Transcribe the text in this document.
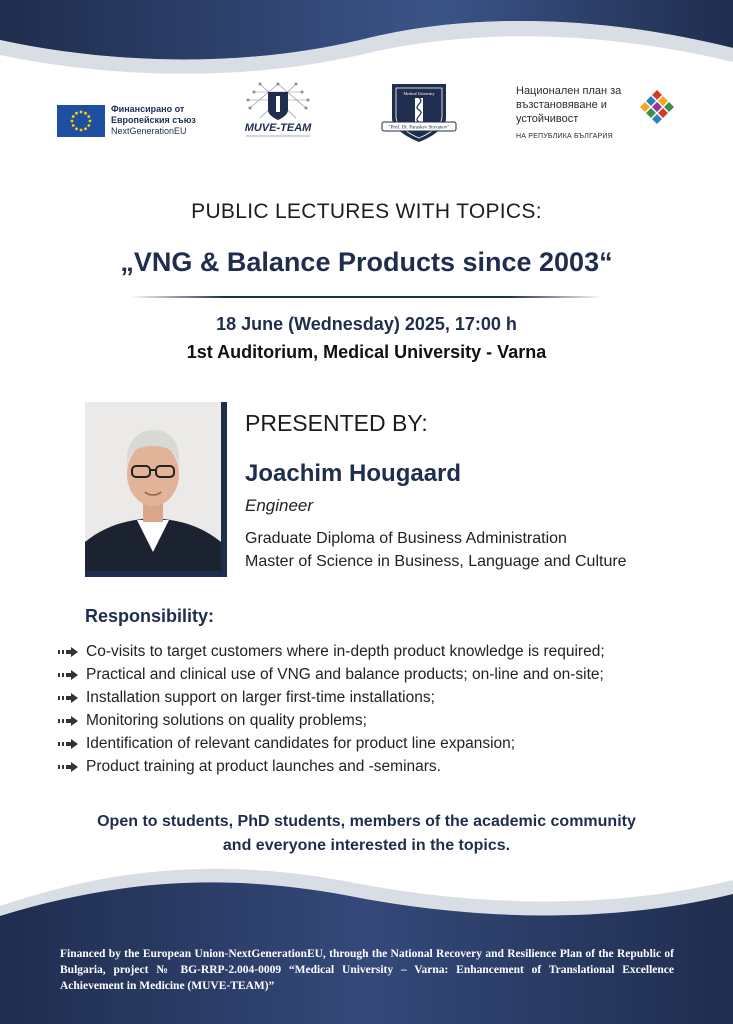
Финансирано от
Европейския съюз
NextGenerationEU	MUVE-TEAM
Medical University
"Prof. Dr. Paraskev Stoyanov"
Национален план за
възстановяване и
устойчивост
НА РЕПУБЛИКА БЪЛГАРИЯ
PUBLIC LECTURES WITH TOPICS:
„VNG & Balance Products since 2003“
18 June (Wednesday) 2025, 17:00 h
1st Auditorium, Medical University - Varna
PRESENTED BY:
Joachim Hougaard
Engineer
Graduate Diploma of Business Administration
Master of Science in Business, Language and Culture
Responsibility:
Co-visits to target customers where in-depth product knowledge is required;
Practical and clinical use of VNG and balance products; on-line and on-site;
Installation support on larger first-time installations;
Monitoring solutions on quality problems;
Identification of relevant candidates for product line expansion;
Product training at product launches and -seminars.
Open to students, PhD students, members of the academic community
and everyone interested in the topics.
Financed by the European Union-NextGenerationEU, through the National Recovery and Resilience Plan of the Republic of Bulgaria, project № BG-RRP-2.004-0009 “Medical University – Varna: Enhancement of Translational Excellence Achievement in Medicine (MUVE-TEAM)”
